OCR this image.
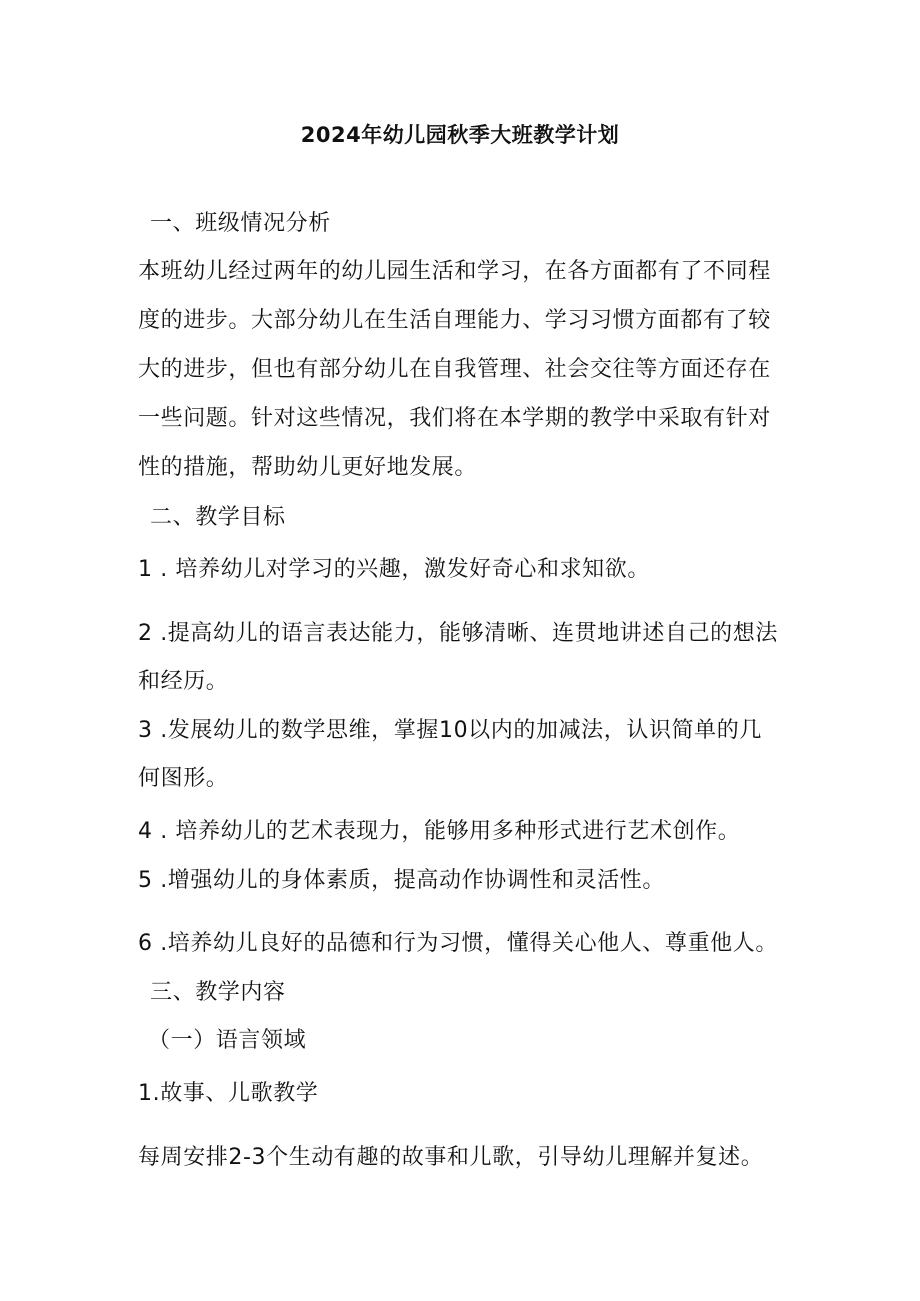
2024年幼儿园秋季大班教学计划
一、班级情况分析
本班幼儿经过两年的幼儿园生活和学习，在各方面都有了不同程
度的进步。大部分幼儿在生活自理能力、学习习惯方面都有了较
大的进步，但也有部分幼儿在自我管理、社会交往等方面还存在
一些问题。针对这些情况，我们将在本学期的教学中采取有针对
性的措施，帮助幼儿更好地发展。
二、教学目标
1 . 培养幼儿对学习的兴趣，激发好奇心和求知欲。
2 .提高幼儿的语言表达能力，能够清晰、连贯地讲述自己的想法
和经历。
3 .发展幼儿的数学思维，掌握10以内的加减法，认识简单的几
何图形。
4 . 培养幼儿的艺术表现力，能够用多种形式进行艺术创作。
5 .增强幼儿的身体素质，提高动作协调性和灵活性。
6 .培养幼儿良好的品德和行为习惯，懂得关心他人、尊重他人。
三、教学内容
（一）语言领域
1.故事、儿歌教学
每周安排2-3个生动有趣的故事和儿歌，引导幼儿理解并复述。
